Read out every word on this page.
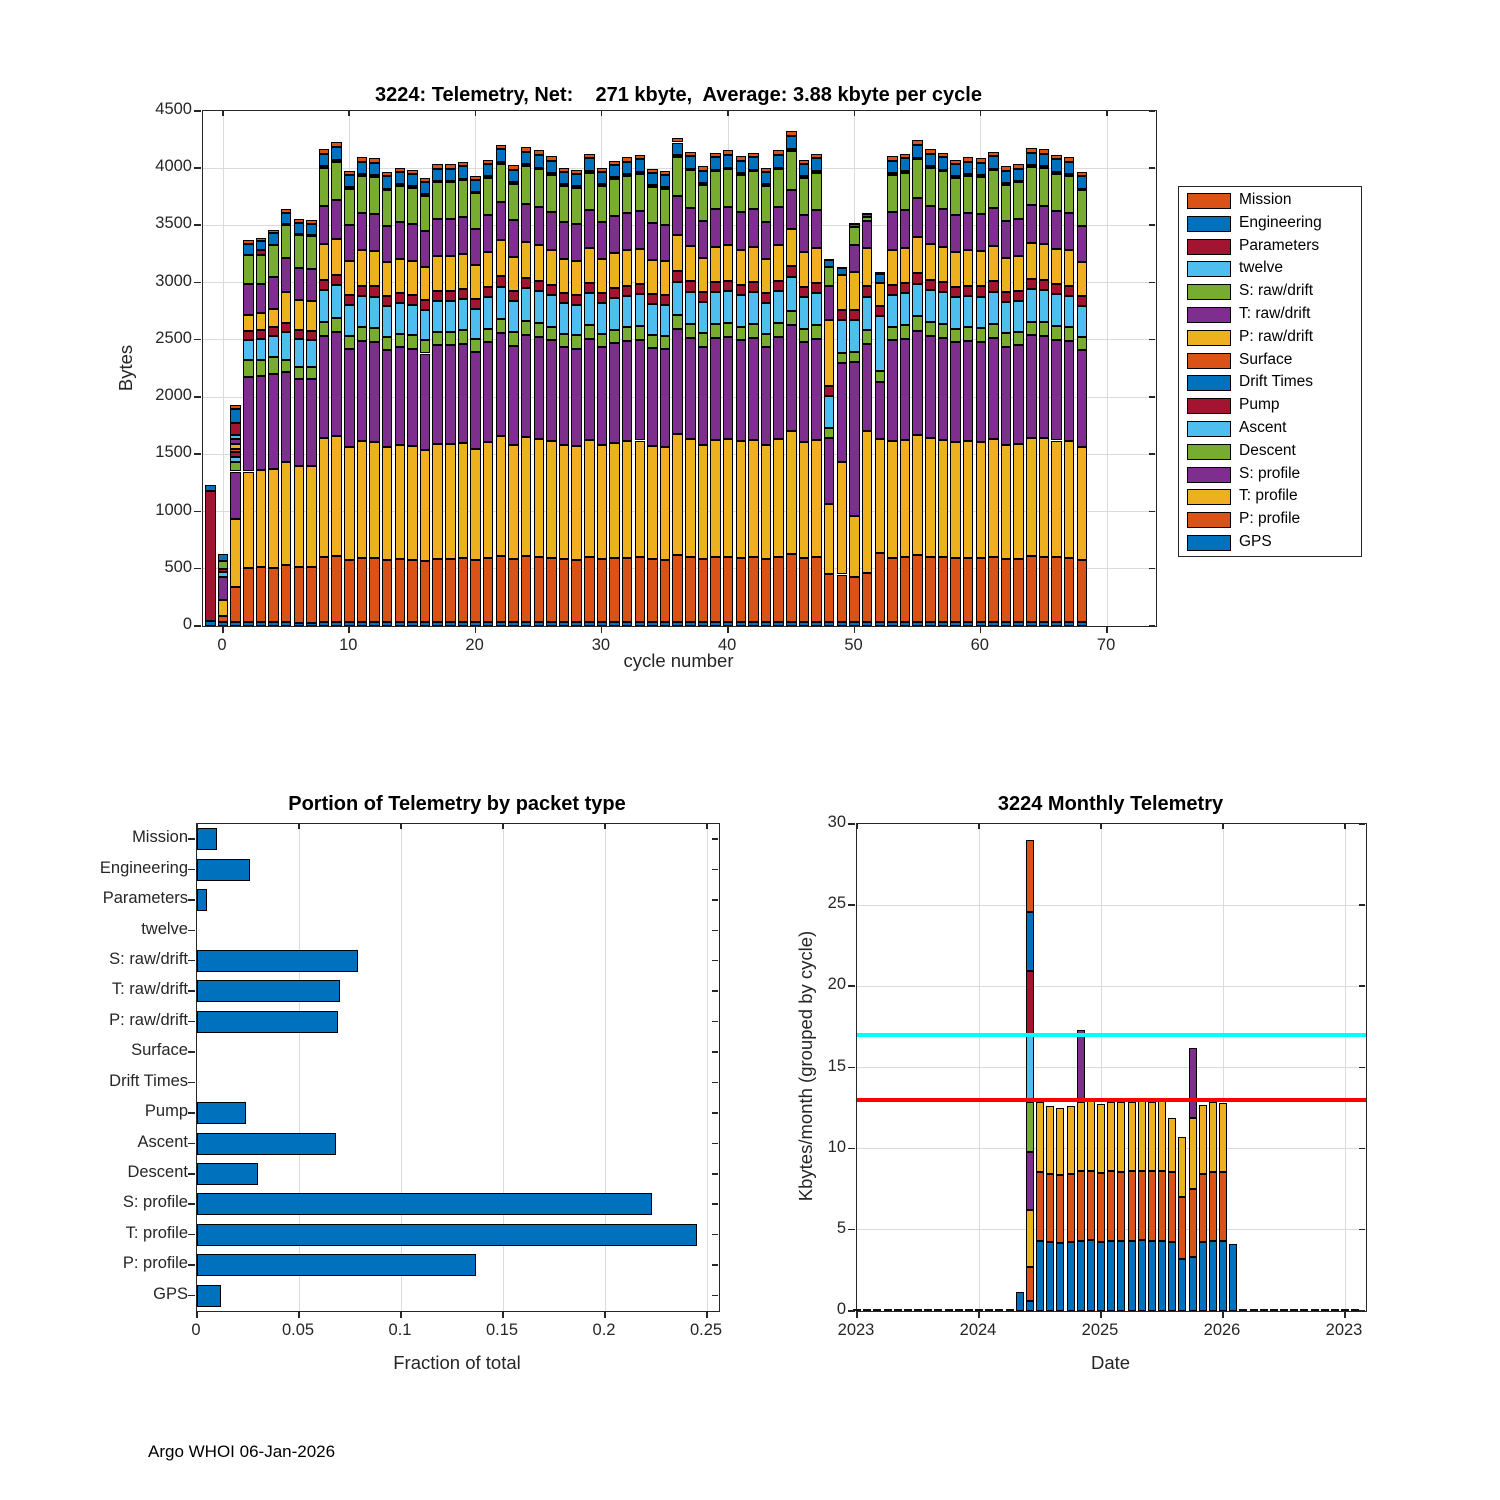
3224: Telemetry, Net:    271 kbyte,  Average: 3.88 kbyte per cycle
Bytes
cycle number
Mission
Engineering
Parameters
twelve
S: raw/drift
T: raw/drift
P: raw/drift
Surface
Drift Times
Pump
Ascent
Descent
S: profile
T: profile
P: profile
GPS
Portion of Telemetry by packet type
Fraction of total
3224 Monthly Telemetry
Kbytes/month (grouped by cycle)
Date
Argo WHOI 06-Jan-2026
0	10	20	30	40	50	60	70
0
500
1000
1500
2000
2500
3000
3500
4000
4500
Mission
Engineering
Parameters
twelve
S: raw/drift
T: raw/drift
P: raw/drift
Surface
Drift Times
Pump
Ascent
Descent
S: profile
T: profile
P: profile
GPS
0	0.05	0.1	0.15	0.2	0.25	2023	2024	2025	2026	2023
0
5
10
15
20
25
30
